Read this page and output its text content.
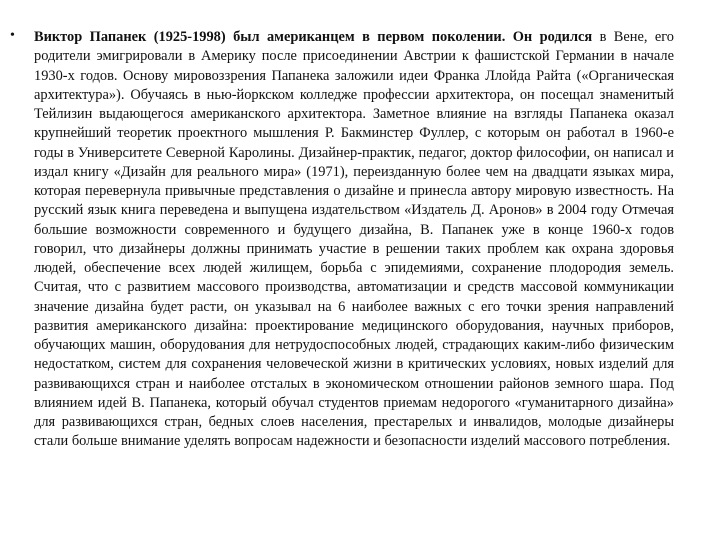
• Виктор Папанек (1925-1998) был американцем в первом поколении. Он родился в Вене, его родители эмигрировали в Америку после присоединении Австрии к фашистской Германии в начале 1930-х годов. Основу мировоззрения Папанека заложили идеи Франка Ллойда Райта («Органическая архитектура»). Обучаясь в нью-йоркском колледже профессии архитектора, он посещал знаменитый Тейлизин выдающегося американского архитектора. Заметное влияние на взгляды Папанека оказал крупнейший теоретик проектного мышления Р. Бакминстер Фуллер, с которым он работал в 1960-е годы в Университете Северной Каролины. Дизайнер-практик, педагог, доктор философии, он написал и издал книгу «Дизайн для реального мира» (1971), переизданную более чем на двадцати языках мира, которая перевернула привычные представления о дизайне и принесла автору мировую известность. На русский язык книга переведена и выпущена издательством «Издатель Д. Аронов» в 2004 году Отмечая большие возможности современного и будущего дизайна, В. Папанек уже в конце 1960-х годов говорил, что дизайнеры должны принимать участие в решении таких проблем как охрана здоровья людей, обеспечение всех людей жилищем, борьба с эпидемиями, сохранение плодородия земель. Считая, что с развитием массового производства, автоматизации и средств массовой коммуникации значение дизайна будет расти, он указывал на 6 наиболее важных с его точки зрения направлений развития американского дизайна: проектирование медицинского оборудования, научных приборов, обучающих машин, оборудования для нетрудоспособных людей, страдающих каким-либо физическим недостатком, систем для сохранения человеческой жизни в критических условиях, новых изделий для развивающихся стран и наиболее отсталых в экономическом отношении районов земного шара. Под влиянием идей В. Папанека, который обучал студентов приемам недорогого «гуманитарного дизайна» для развивающихся стран, бедных слоев населения, престарелых и инвалидов, молодые дизайнеры стали больше внимание уделять вопросам надежности и безопасности изделий массового потребления.
